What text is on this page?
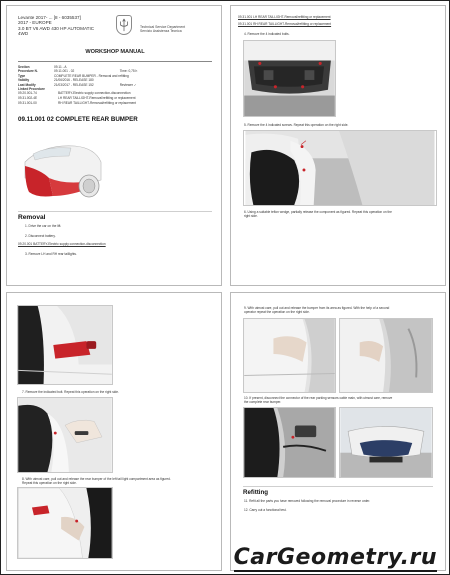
Levante 2017- ... [8 - 6035537]
2017 - EUROPE
3.0 BT V6 AWD 430 HP AUTOMATIC
4WD
Technical Service Department
Servizio Assistenza Tecnica
WORKSHOP MANUAL
Section	09.11 - A	
Procedure N.	09.11.001 - 02	Time: 0,75 h
Type	COMPLETE REAR BUMPER - Removal and refitting	
Validity	21/06/2016 - RELEASE 180	
Last Modify	21/03/2017 - RELEASE 152	Reviewer ✓
Linked Procedure		
09.20.001-74	BATTERY-Electric supply connection-disconnection
09.31.002-4E	LH REAR TAILLIGHT-Removal/refitting or replacement
09.31.001-00	RH REAR TAILLIGHT-Removal/refitting or replacement
09.11.001 02 COMPLETE REAR BUMPER
Removal
1. Drive the car on the lift.
2. Disconnect battery.
09.20.001 BATTERY-Electric supply connection-disconnection
3. Remove LH and RH rear taillights.
09.31.001 LH REAR TAILLIGHT-Removal/refitting or replacement
09.31.001 RH REAR TAILLIGHT-Removal/refitting or replacement
4. Remove the 4 indicated bolts.
5. Remove the 4 indicated screws. Repeat this operation on the right side.
6. Using a suitable teflon wedge, partially release the component as figured. Repeat this operation on the
right side.
7. Remove the indicated bolt. Repeat this operation on the right side.
8. With utmost care, pull out and release the rear bumper of the left tail light compartment area as figured.
Repeat this operation on the right side.
9. With utmost care, pull out and release the bumper from its area as figured. With the help of a second
operator repeat the operation on the right side.
10. If present, disconnect the connector of the rear parking sensors cable main, with utmost care, remove
the complete rear bumper.
Refitting
11. Refit all the parts you have removed following the removal procedure in reverse order.
12. Carry out a functional test.
CarGeometry.ru
